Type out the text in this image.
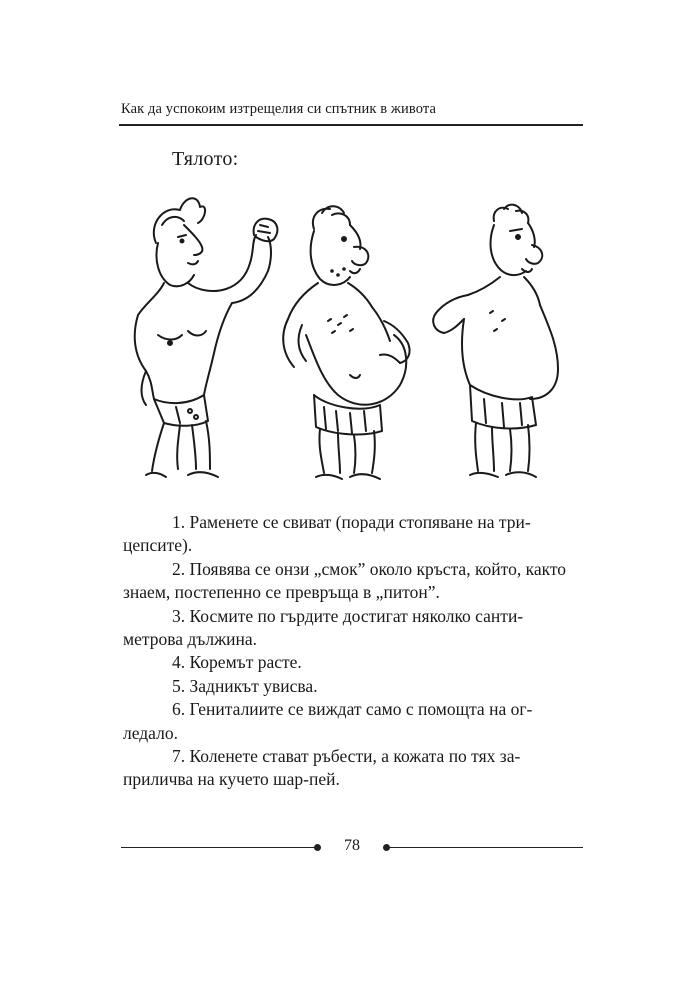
Как да успокоим изтрещелия си спътник в живота
Тялото:

1. Раменете се свиват (поради стопяване на три-цепсите).

2. Появява се онзи „смок” около кръста, който, както знаем, постепенно се превръща в „питон”.

3. Космите по гърдите достигат няколко санти-метрова дължина.

4. Коремът расте.

5. Задникът увисва.

6. Гениталиите се виждат само с помощта на ог-ледало.

7. Коленете стават ръбести, а кожата по тях за-приличва на кучето шар-пей.

78
